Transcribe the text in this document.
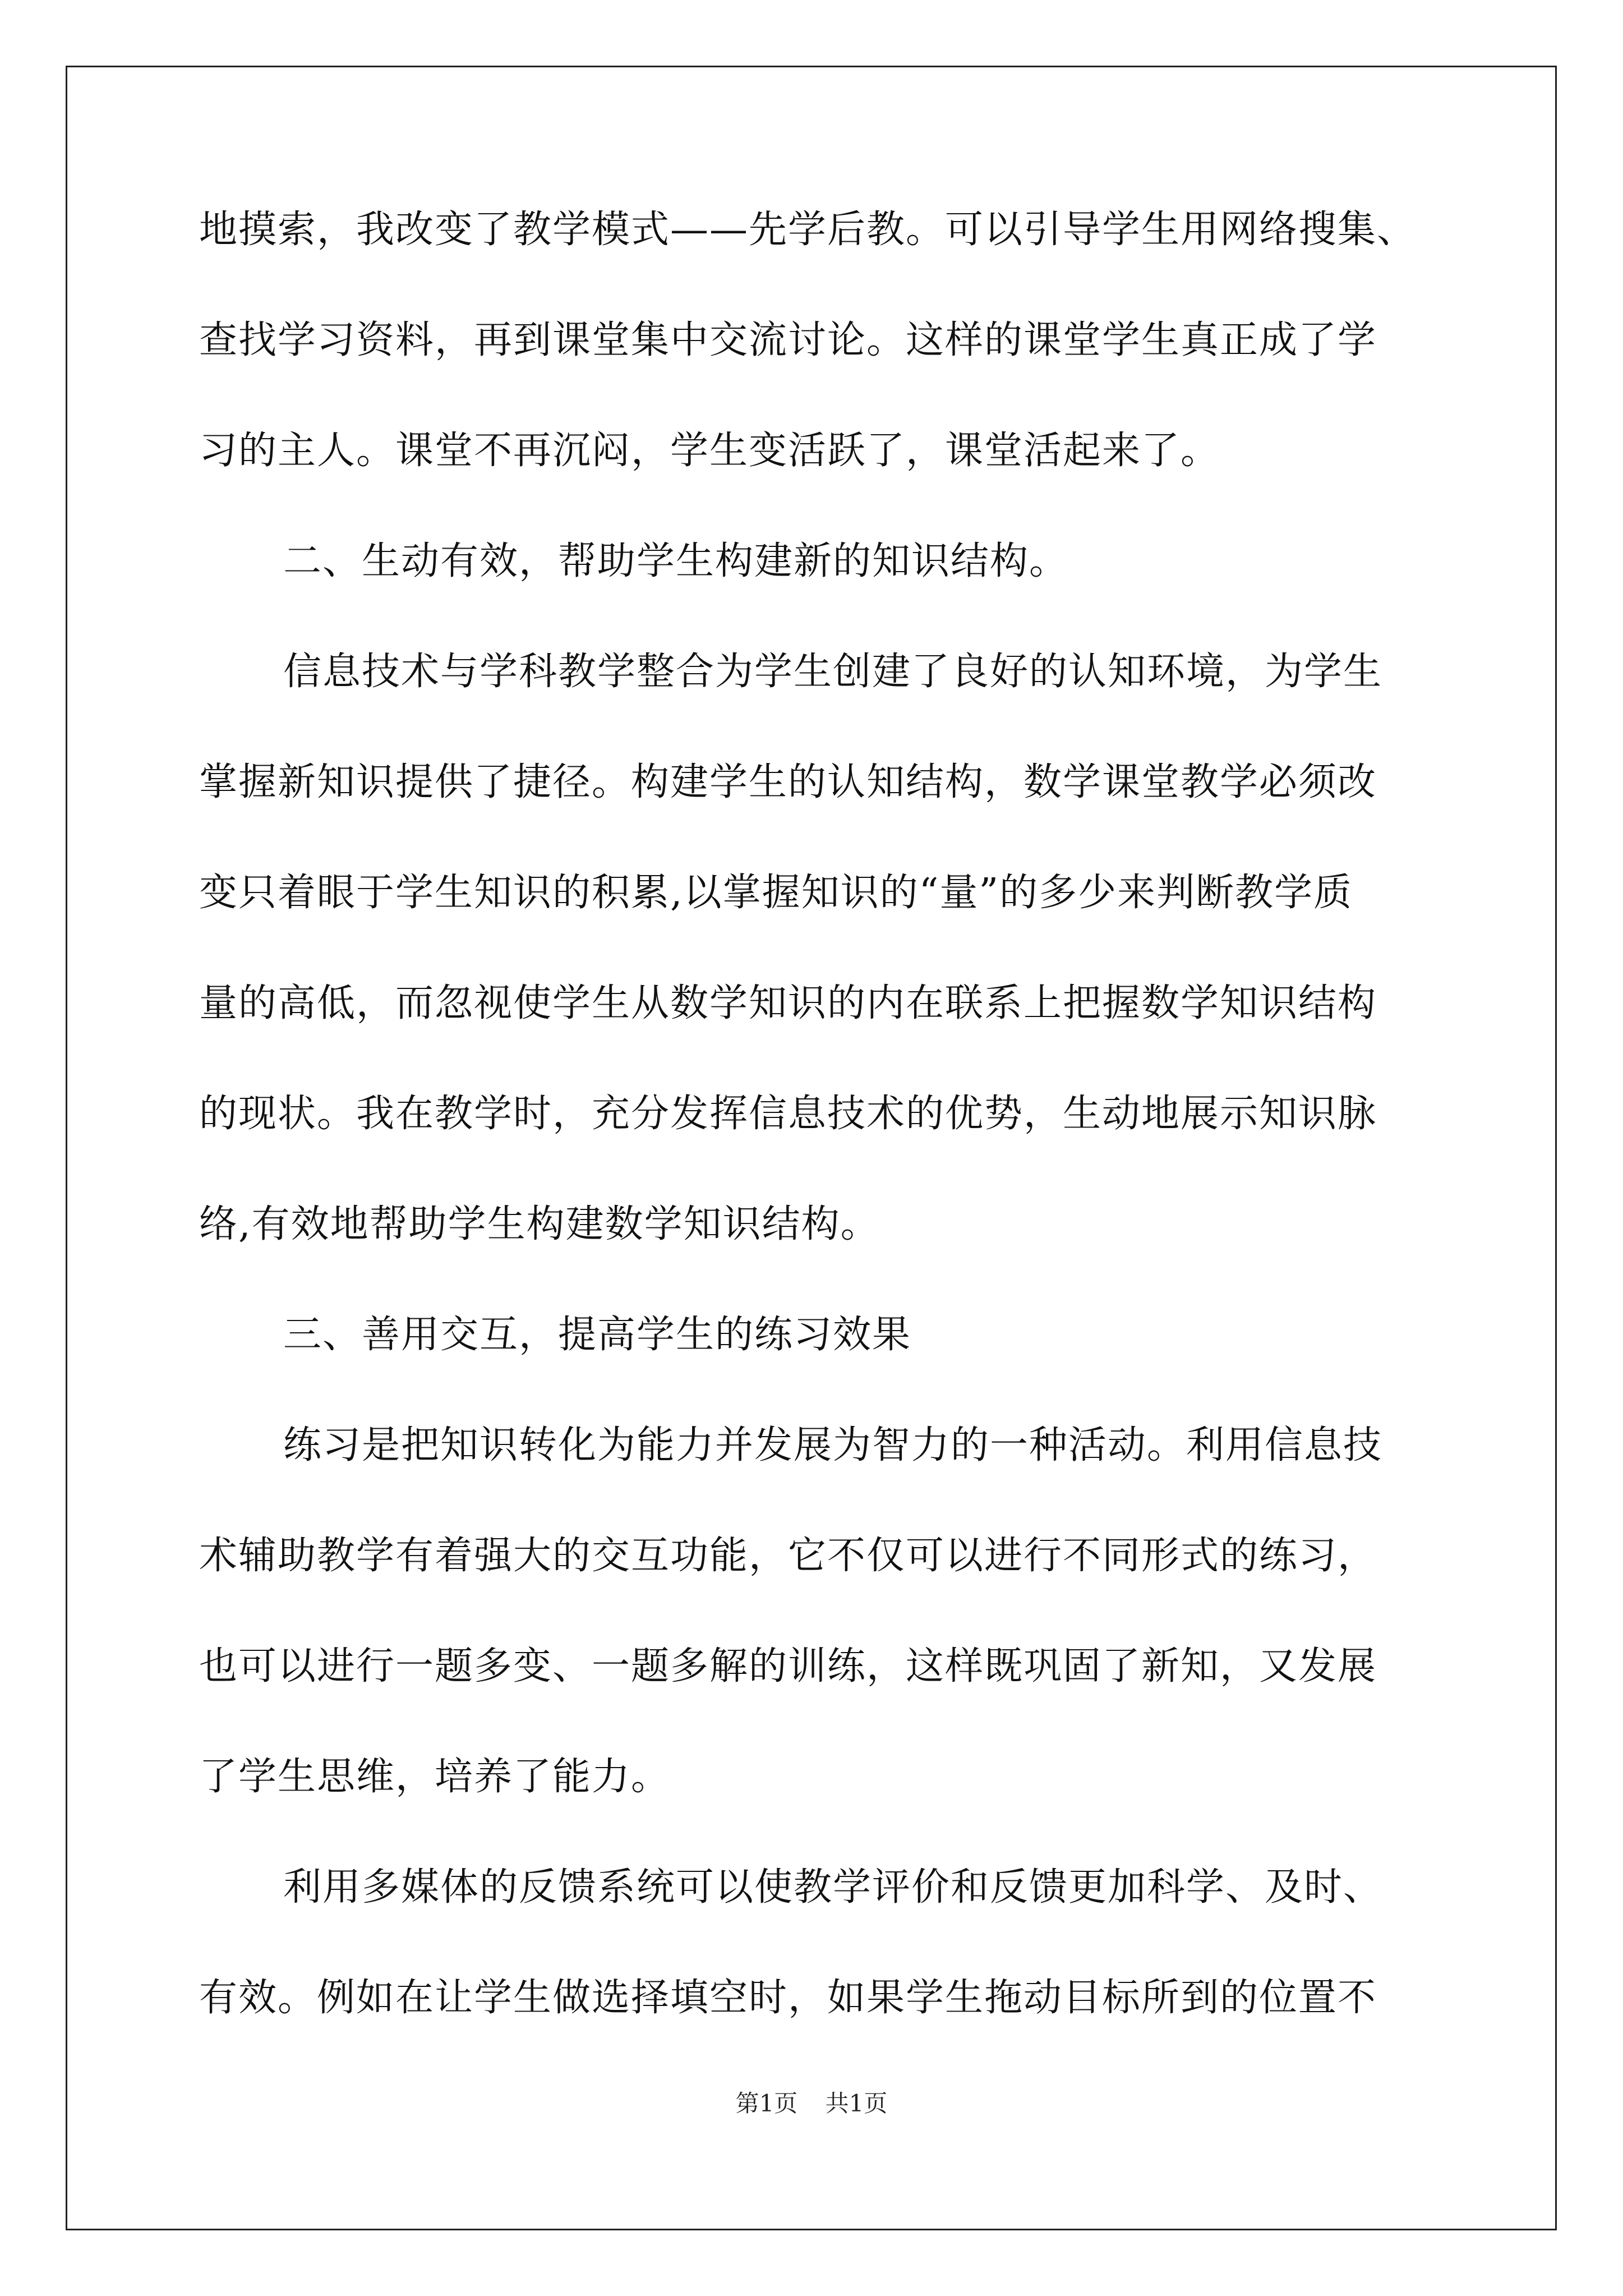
地摸索，我改变了教学模式——先学后教。可以引导学生用网络搜集、
查找学习资料，再到课堂集中交流讨论。这样的课堂学生真正成了学
习的主人。课堂不再沉闷，学生变活跃了，课堂活起来了。
二、生动有效，帮助学生构建新的知识结构。
信息技术与学科教学整合为学生创建了良好的认知环境，为学生
掌握新知识提供了捷径。构建学生的认知结构，数学课堂教学必须改
变只着眼于学生知识的积累,以掌握知识的“量”的多少来判断教学质
量的高低，而忽视使学生从数学知识的内在联系上把握数学知识结构
的现状。我在教学时，充分发挥信息技术的优势，生动地展示知识脉
络,有效地帮助学生构建数学知识结构。
三、善用交互，提高学生的练习效果
练习是把知识转化为能力并发展为智力的一种活动。利用信息技
术辅助教学有着强大的交互功能，它不仅可以进行不同形式的练习，
也可以进行一题多变、一题多解的训练，这样既巩固了新知，又发展
了学生思维，培养了能力。
利用多媒体的反馈系统可以使教学评价和反馈更加科学、及时、
有效。例如在让学生做选择填空时，如果学生拖动目标所到的位置不
第1页 共1页
